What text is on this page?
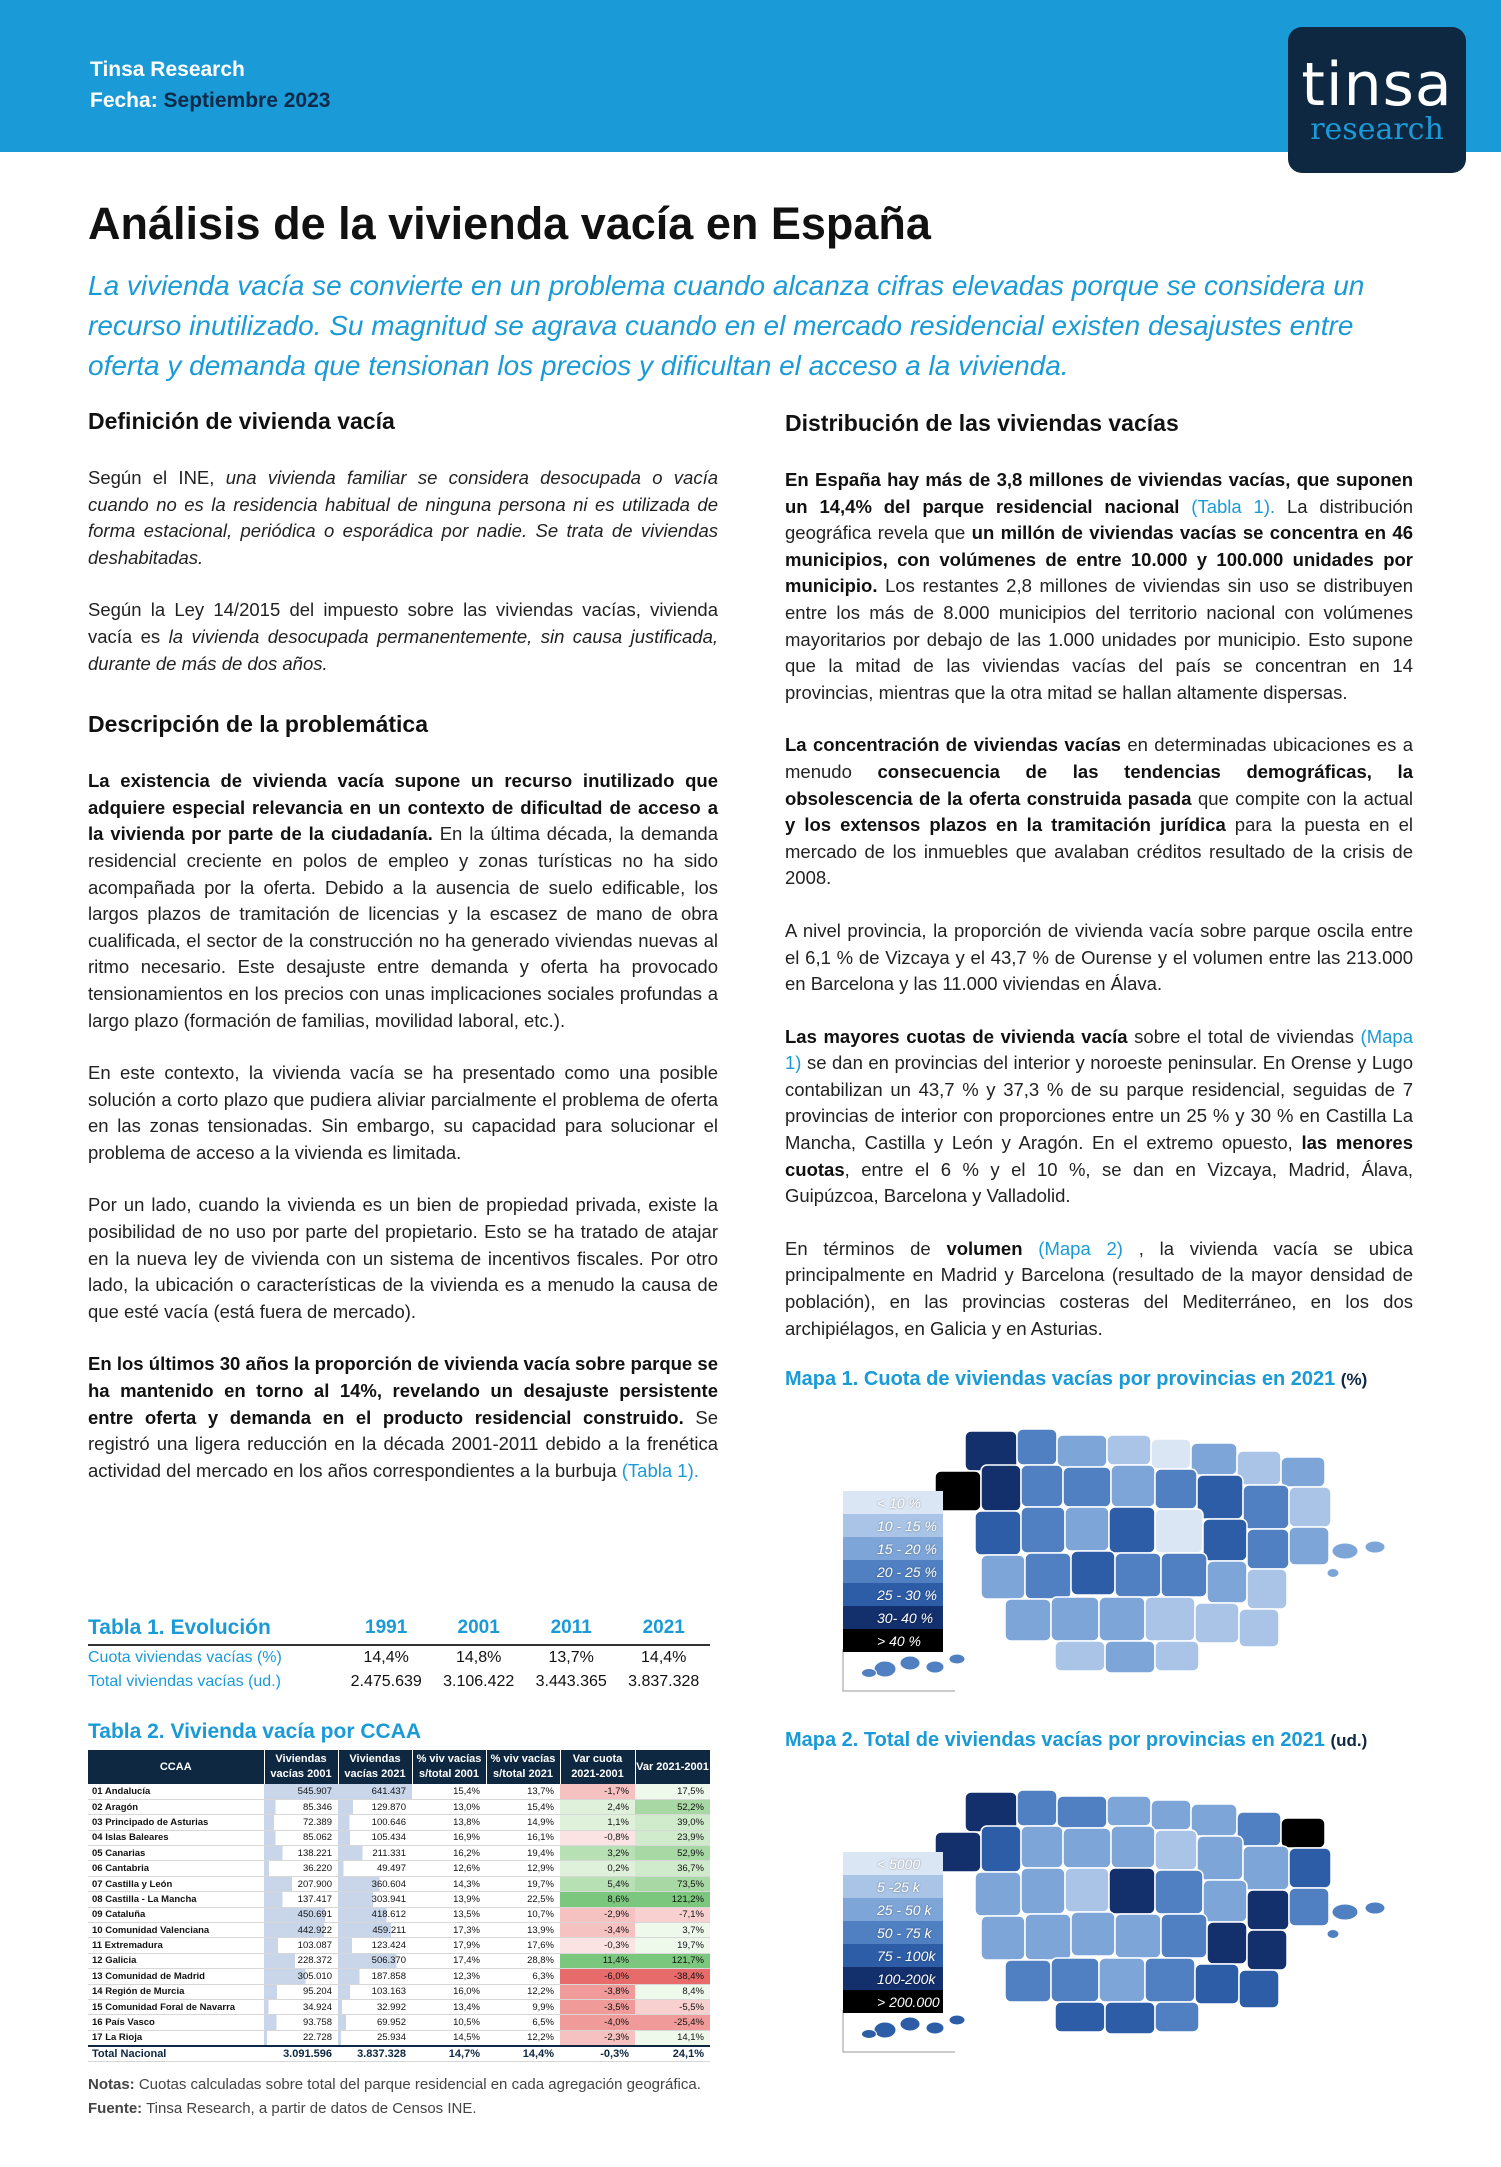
Tinsa Research
Fecha: Septiembre 2023	tinsa
research
Análisis de la vivienda vacía en España

La vivienda vacía se convierte en un problema cuando alcanza cifras elevadas porque se considera un recurso inutilizado. Su magnitud se agrava cuando en el mercado residencial existen desajustes entre oferta y demanda que tensionan los precios y dificultan el acceso a la vivienda.

Definición de vivienda vacía

Según el INE, una vivienda familiar se considera desocupada o vacía cuando no es la residencia habitual de ninguna persona ni es utilizada de forma estacional, periódica o esporádica por nadie. Se trata de viviendas deshabitadas.

Según la Ley 14/2015 del impuesto sobre las viviendas vacías, vivienda vacía es la vivienda desocupada permanentemente, sin causa justificada, durante de más de dos años.

Descripción de la problemática

La existencia de vivienda vacía supone un recurso inutilizado que adquiere especial relevancia en un contexto de dificultad de acceso a la vivienda por parte de la ciudadanía. En la última década, la demanda residencial creciente en polos de empleo y zonas turísticas no ha sido acompañada por la oferta. Debido a la ausencia de suelo edificable, los largos plazos de tramitación de licencias y la escasez de mano de obra cualificada, el sector de la construcción no ha generado viviendas nuevas al ritmo necesario. Este desajuste entre demanda y oferta ha provocado tensionamientos en los precios con unas implicaciones sociales profundas a largo plazo (formación de familias, movilidad laboral, etc.).

En este contexto, la vivienda vacía se ha presentado como una posible solución a corto plazo que pudiera aliviar parcialmente el problema de oferta en las zonas tensionadas. Sin embargo, su capacidad para solucionar el problema de acceso a la vivienda es limitada.

Por un lado, cuando la vivienda es un bien de propiedad privada, existe la posibilidad de no uso por parte del propietario. Esto se ha tratado de atajar en la nueva ley de vivienda con un sistema de incentivos fiscales. Por otro lado, la ubicación o características de la vivienda es a menudo la causa de que esté vacía (está fuera de mercado).

En los últimos 30 años la proporción de vivienda vacía sobre parque se ha mantenido en torno al 14%, revelando un desajuste persistente entre oferta y demanda en el producto residencial construido. Se registró una ligera reducción en la década 2001-2011 debido a la frenética actividad del mercado en los años correspondientes a la burbuja (Tabla 1).

Tabla 1. Evolución	1991	2001	2011	2021
Cuota viviendas vacías (%)	14,4%	14,8%	13,7%	14,4%
Total viviendas vacías (ud.)	2.475.639	3.106.422	3.443.365	3.837.328
Tabla 2. Vivienda vacía por CCAA
CCAA	Viviendas vacías 2001	Viviendas vacías 2021	% viv vacías s/total 2001	% viv vacías s/total 2021	Var cuota 2021-2001	Var 2021-2001
01 Andalucía	545.907	641.437	15,4%	13,7%	-1,7%	17,5%
02 Aragón	85.346	129.870	13,0%	15,4%	2,4%	52,2%
03 Principado de Asturias	72.389	100.646	13,8%	14,9%	1,1%	39,0%
04 Islas Baleares	85.062	105.434	16,9%	16,1%	-0,8%	23,9%
05 Canarias	138.221	211.331	16,2%	19,4%	3,2%	52,9%
06 Cantabria	36.220	49.497	12,6%	12,9%	0,2%	36,7%
07 Castilla y León	207.900	360.604	14,3%	19,7%	5,4%	73,5%
08 Castilla - La Mancha	137.417	303.941	13,9%	22,5%	8,6%	121,2%
09 Cataluña	450.691	418.612	13,5%	10,7%	-2,9%	-7,1%
10 Comunidad Valenciana	442.922	459.211	17,3%	13,9%	-3,4%	3,7%
11 Extremadura	103.087	123.424	17,9%	17,6%	-0,3%	19,7%
12 Galicia	228.372	506.370	17,4%	28,8%	11,4%	121,7%
13 Comunidad de Madrid	305.010	187.858	12,3%	6,3%	-6,0%	-38,4%
14 Región de Murcia	95.204	103.163	16,0%	12,2%	-3,8%	8,4%
15 Comunidad Foral de Navarra	34.924	32.992	13,4%	9,9%	-3,5%	-5,5%
16 País Vasco	93.758	69.952	10,5%	6,5%	-4,0%	-25,4%
17 La Rioja	22.728	25.934	14,5%	12,2%	-2,3%	14,1%
Total Nacional	3.091.596	3.837.328	14,7%	14,4%	-0,3%	24,1%
Notas: Cuotas calculadas sobre total del parque residencial en cada agregación geográfica.
Fuente: Tinsa Research, a partir de datos de Censos INE.
Distribución de las viviendas vacías

En España hay más de 3,8 millones de viviendas vacías, que suponen un 14,4% del parque residencial nacional (Tabla 1). La distribución geográfica revela que un millón de viviendas vacías se concentra en 46 municipios, con volúmenes de entre 10.000 y 100.000 unidades por municipio. Los restantes 2,8 millones de viviendas sin uso se distribuyen entre los más de 8.000 municipios del territorio nacional con volúmenes mayoritarios por debajo de las 1.000 unidades por municipio. Esto supone que la mitad de las viviendas vacías del país se concentran en 14 provincias, mientras que la otra mitad se hallan altamente dispersas.

La concentración de viviendas vacías en determinadas ubicaciones es a menudo consecuencia de las tendencias demográficas, la obsolescencia de la oferta construida pasada que compite con la actual y los extensos plazos en la tramitación jurídica para la puesta en el mercado de los inmuebles que avalaban créditos resultado de la crisis de 2008.

A nivel provincia, la proporción de vivienda vacía sobre parque oscila entre el 6,1 % de Vizcaya y el 43,7 % de Ourense y el volumen entre las 213.000 en Barcelona y las 11.000 viviendas en Álava.

Las mayores cuotas de vivienda vacía sobre el total de viviendas (Mapa 1) se dan en provincias del interior y noroeste peninsular. En Orense y Lugo contabilizan un 43,7 % y 37,3 % de su parque residencial, seguidas de 7 provincias de interior con proporciones entre un 25 % y 30 % en Castilla La Mancha, Castilla y León y Aragón. En el extremo opuesto, las menores cuotas, entre el 6 % y el 10 %, se dan en Vizcaya, Madrid, Álava, Guipúzcoa, Barcelona y Valladolid.

En términos de volumen (Mapa 2) , la vivienda vacía se ubica principalmente en Madrid y Barcelona (resultado de la mayor densidad de población), en las provincias costeras del Mediterráneo, en los dos archipiélagos, en Galicia y en Asturias.

Mapa 1. Cuota de viviendas vacías por provincias en 2021 (%)
< 10 %
10 - 15 %
15 - 20 %
20 - 25 %
25 - 30 %
30- 40 %
> 40 %
Mapa 2. Total de viviendas vacías por provincias en 2021 (ud.)
< 5000
5 -25 k
25 - 50 k
50 - 75 k
75 - 100k
100-200k
> 200.000
